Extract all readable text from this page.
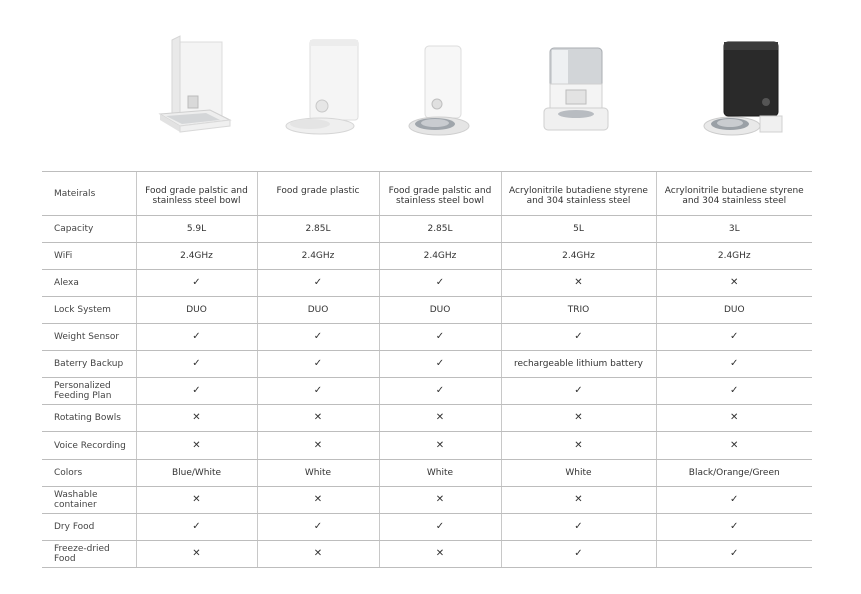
Mateirals	Food grade palstic and stainless steel bowl	Food grade plastic	Food grade palstic and stainless steel bowl	Acrylonitrile butadiene styrene and 304 stainless steel	Acrylonitrile butadiene styrene and 304 stainless steel
Capacity	5.9L	2.85L	2.85L	5L	3L
WiFi	2.4GHz	2.4GHz	2.4GHz	2.4GHz	2.4GHz
Alexa	✓	✓	✓	✕	✕
Lock System	DUO	DUO	DUO	TRIO	DUO
Weight Sensor	✓	✓	✓	✓	✓
Baterry Backup	✓	✓	✓	rechargeable lithium battery	✓
Personalized Feeding Plan	✓	✓	✓	✓	✓
Rotating Bowls	✕	✕	✕	✕	✕
Voice Recording	✕	✕	✕	✕	✕
Colors	Blue/White	White	White	White	Black/Orange/Green
Washable container	✕	✕	✕	✕	✓
Dry Food	✓	✓	✓	✓	✓
Freeze-dried Food	✕	✕	✕	✓	✓
